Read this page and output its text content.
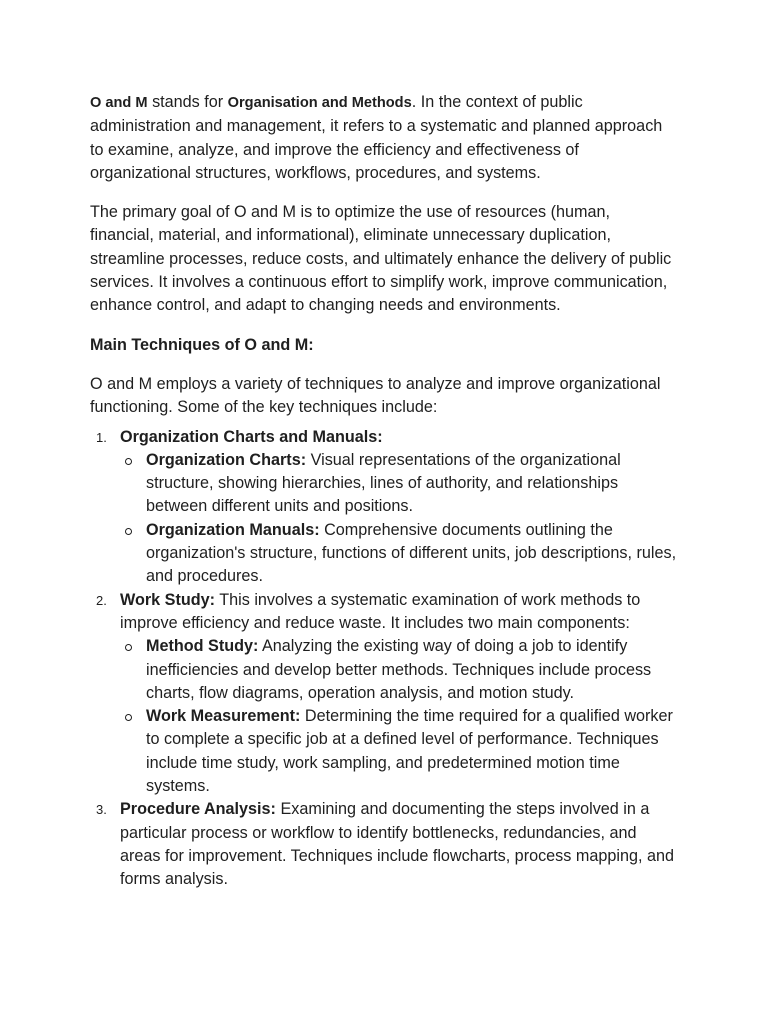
O and M stands for Organisation and Methods. In the context of public administration and management, it refers to a systematic and planned approach to examine, analyze, and improve the efficiency and effectiveness of organizational structures, workflows, procedures, and systems.

The primary goal of O and M is to optimize the use of resources (human, financial, material, and informational), eliminate unnecessary duplication, streamline processes, reduce costs, and ultimately enhance the delivery of public services. It involves a continuous effort to simplify work, improve communication, enhance control, and adapt to changing needs and environments.

Main Techniques of O and M:

O and M employs a variety of techniques to analyze and improve organizational functioning. Some of the key techniques include:

1. Organization Charts and Manuals:
Organization Charts: Visual representations of the organizational structure, showing hierarchies, lines of authority, and relationships between different units and positions.
Organization Manuals: Comprehensive documents outlining the organization's structure, functions of different units, job descriptions, rules, and procedures.
2. Work Study: This involves a systematic examination of work methods to improve efficiency and reduce waste. It includes two main components:
Method Study: Analyzing the existing way of doing a job to identify inefficiencies and develop better methods. Techniques include process charts, flow diagrams, operation analysis, and motion study.
Work Measurement: Determining the time required for a qualified worker to complete a specific job at a defined level of performance. Techniques include time study, work sampling, and predetermined motion time systems.
3. Procedure Analysis: Examining and documenting the steps involved in a particular process or workflow to identify bottlenecks, redundancies, and areas for improvement. Techniques include flowcharts, process mapping, and forms analysis.
